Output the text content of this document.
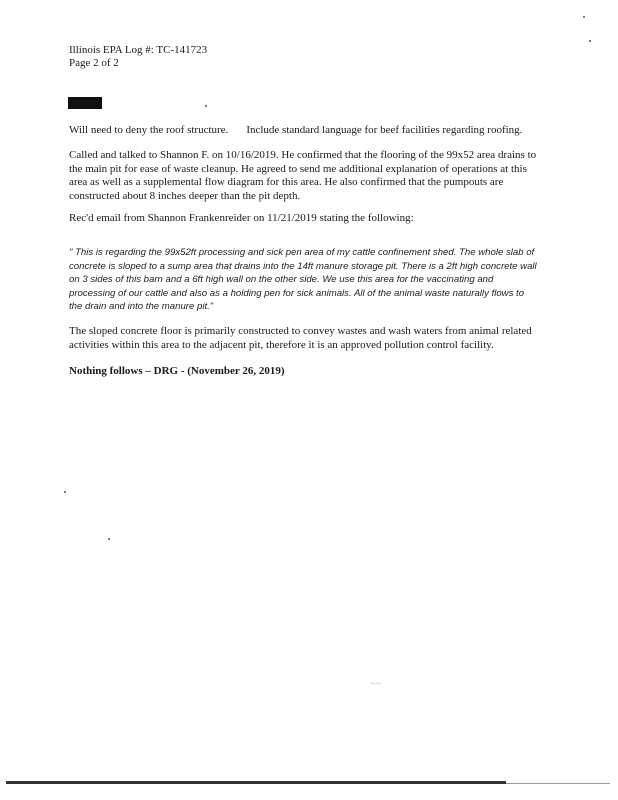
Illinois EPA Log #: TC-141723
Page 2 of 2
Will need to deny the roof structure. Include standard language for beef facilities regarding roofing.
Called and talked to Shannon F. on 10/16/2019. He confirmed that the flooring of the 99x52 area drains to the main pit for ease of waste cleanup. He agreed to send me additional explanation of operations at this area as well as a supplemental flow diagram for this area. He also confirmed that the pumpouts are constructed about 8 inches deeper than the pit depth.
Rec'd email from Shannon Frankenreider on 11/21/2019 stating the following:
" This is regarding the 99x52ft processing and sick pen area of my cattle confinement shed. The whole slab of concrete is sloped to a sump area that drains into the 14ft manure storage pit. There is a 2ft high concrete wall on 3 sides of this barn and a 6ft high wall on the other side. We use this area for the vaccinating and processing of our cattle and also as a holding pen for sick animals. All of the animal waste naturally flows to the drain and into the manure pit."
The sloped concrete floor is primarily constructed to convey wastes and wash waters from animal related activities within this area to the adjacent pit, therefore it is an approved pollution control facility.
Nothing follows – DRG - (November 26, 2019)
~~
